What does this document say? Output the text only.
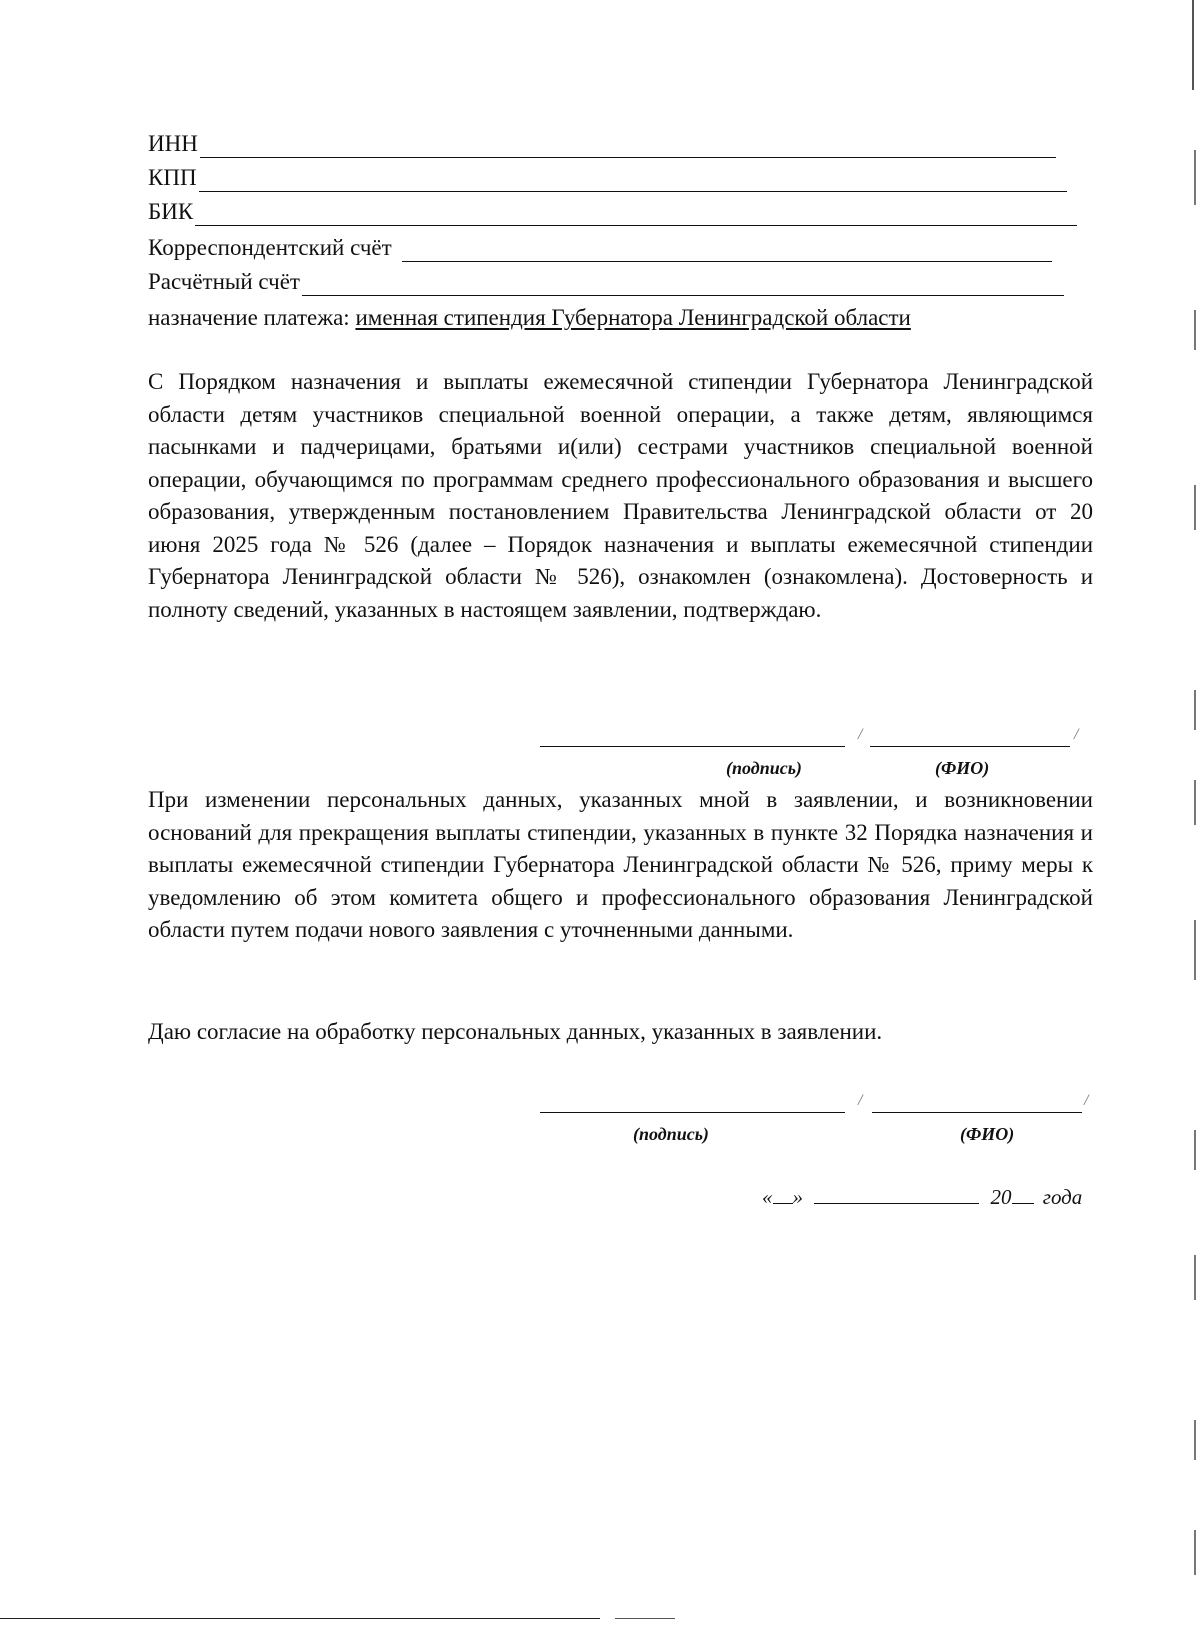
ИНН
КПП
БИК
Корреспондентский счёт
Расчётный счёт
назначение платежа: именная стипендия Губернатора Ленинградской области
С Порядком назначения и выплаты ежемесячной стипендии Губернатора Ленинградской области детям участников специальной военной операции, а также детям, являющимся пасынками и падчерицами, братьями и(или) сестрами участников специальной военной операции, обучающимся по программам среднего профессионального образования и высшего образования, утвержденным постановлением Правительства Ленинградской области от 20 июня 2025 года № 526 (далее – Порядок назначения и выплаты ежемесячной стипендии Губернатора Ленинградской области № 526), ознакомлен (ознакомлена). Достоверность и полноту сведений, указанных в настоящем заявлении, подтверждаю.
/	/
(подпись)	(ФИО)
При изменении персональных данных, указанных мной в заявлении, и возникновении оснований для прекращения выплаты стипендии, указанных в пункте 32 Порядка назначения и выплаты ежемесячной стипендии Губернатора Ленинградской области № 526, приму меры к уведомлению об этом комитета общего и профессионального образования Ленинградской области путем подачи нового заявления с уточненными данными.
Даю согласие на обработку персональных данных, указанных в заявлении.
/	/
(подпись)	(ФИО)
« »	20 года
